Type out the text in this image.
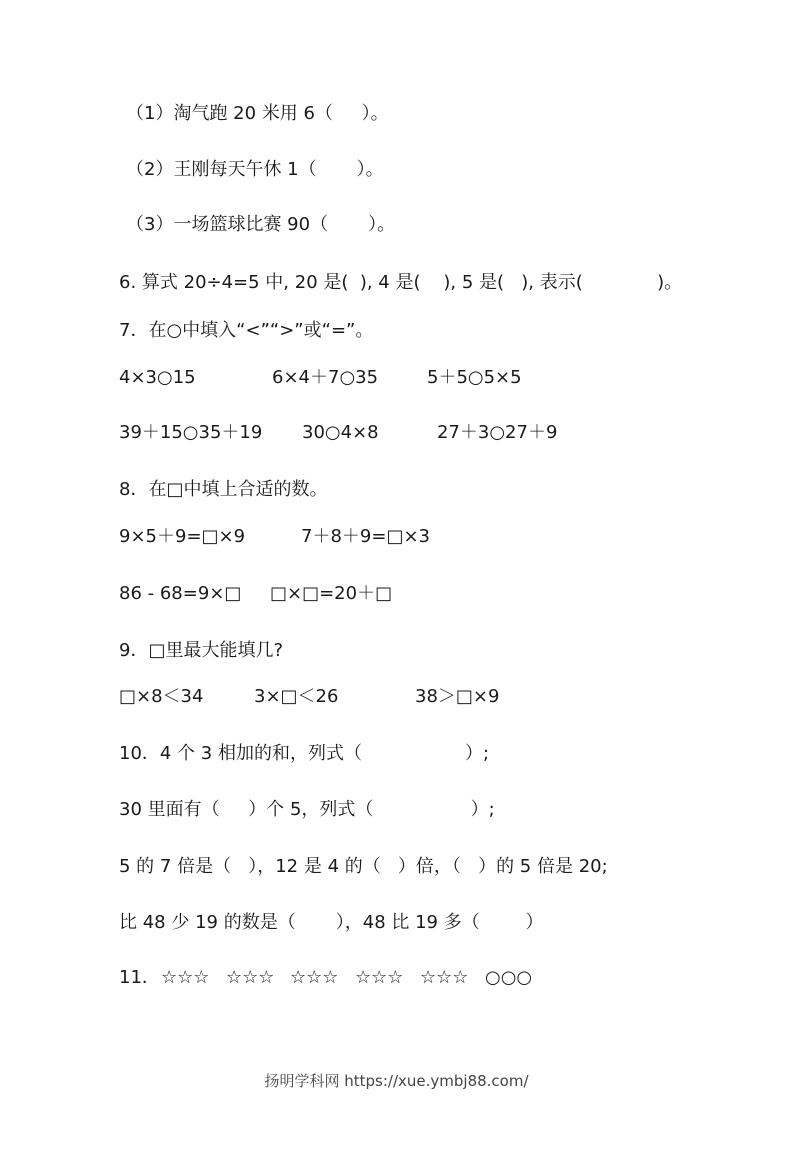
（1）淘气跑 20 米用 6（     ）。
（2）王刚每天午休 1（       ）。
（3）一场篮球比赛 90（       ）。
6. 算式 20÷4=5 中, 20 是(  ), 4 是(    ), 5 是(   ), 表示(             )。
7．在○中填入“<”“>”或“=”。

4×3○15

	6×4＋7○35

	5＋5○5×5

39＋15○35＋19

30○4×8

	27＋3○27＋9

8．在□中填上合适的数。

9×5＋9=□×9

	7＋8＋9=□×3

86 - 68=9×□

□×□=20＋□

9．□里最大能填几?

□×8＜34

	3×□＜26

	38＞□×9

10．4 个 3 相加的和，列式（                  ）;
30 里面有（     ）个 5，列式（                 ）;
5 的 7 倍是（   ），12 是 4 的（   ）倍，（   ）的 5 倍是 20;
比 48 少 19 的数是（       ），48 比 19 多（        ）

11．

☆☆☆

☆☆☆

☆☆☆

☆☆☆

☆☆☆

○○○

扬明学科网 https://xue.ymbj88.com/
